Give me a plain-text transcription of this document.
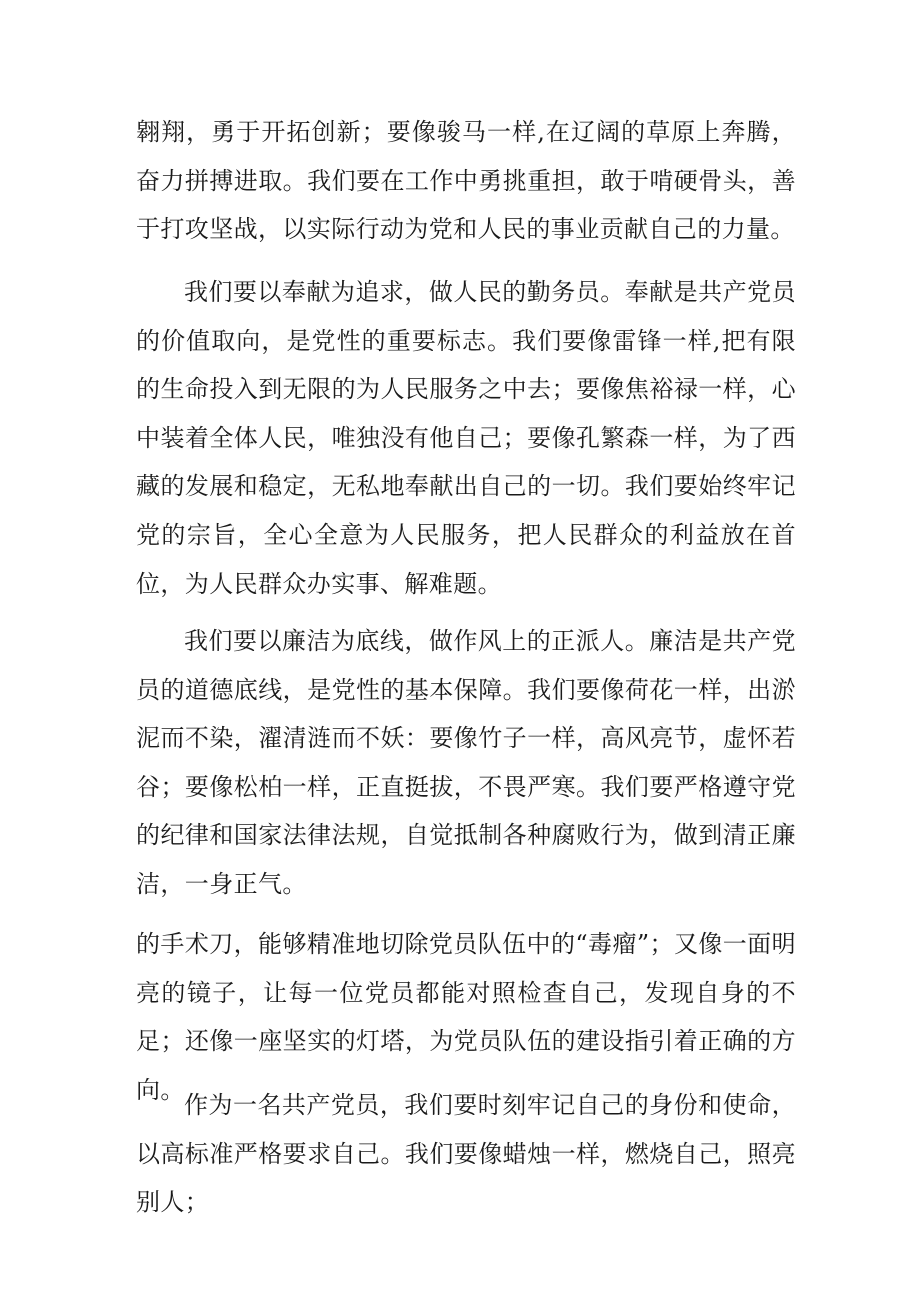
翱翔，勇于开拓创新；要像骏马一样,在辽阔的草原上奔腾，奋力拼搏进取。我们要在工作中勇挑重担，敢于啃硬骨头，善于打攻坚战，以实际行动为党和人民的事业贡献自己的力量。

我们要以奉献为追求，做人民的勤务员。奉献是共产党员的价值取向，是党性的重要标志。我们要像雷锋一样,把有限的生命投入到无限的为人民服务之中去；要像焦裕禄一样，心中装着全体人民，唯独没有他自己；要像孔繁森一样，为了西藏的发展和稳定，无私地奉献出自己的一切。我们要始终牢记党的宗旨，全心全意为人民服务，把人民群众的利益放在首位，为人民群众办实事、解难题。

我们要以廉洁为底线，做作风上的正派人。廉洁是共产党员的道德底线，是党性的基本保障。我们要像荷花一样，出淤泥而不染，濯清涟而不妖：要像竹子一样，高风亮节，虚怀若谷；要像松柏一样，正直挺拔，不畏严寒。我们要严格遵守党的纪律和国家法律法规，自觉抵制各种腐败行为，做到清正廉洁，一身正气。

的手术刀，能够精准地切除党员队伍中的“毒瘤”；又像一面明亮的镜子，让每一位党员都能对照检查自己，发现自身的不足；还像一座坚实的灯塔，为党员队伍的建设指引着正确的方向。

作为一名共产党员，我们要时刻牢记自己的身份和使命，以高标准严格要求自己。我们要像蜡烛一样，燃烧自己，照亮别人；
